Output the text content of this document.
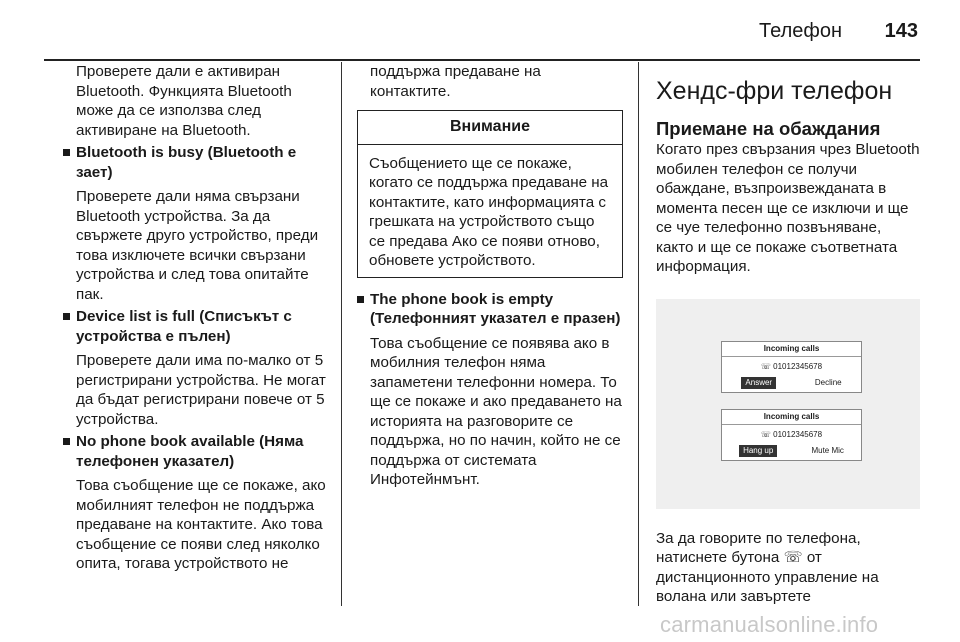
Телефон 143

Проверете дали е активиран Bluetooth. Функцията Bluetooth може да се използва след активиране на Bluetooth.

Bluetooth is busy (Bluetooth е зает)
Проверете дали няма свързани Bluetooth устройства. За да свържете друго устройство, преди това изключете всички свързани устройства и след това опитайте пак.
Device list is full (Списъкът с устройства е пълен)
Проверете дали има по-малко от 5 регистрирани устройства. Не могат да бъдат регистрирани повече от 5 устройства.
No phone book available (Няма телефонен указател)
Това съобщение ще се покаже, ако мобилният телефон не поддържа предаване на контактите. Ако това съобщение се появи след няколко опита, тогава устройството не

поддържа предаване на контактите.

Внимание
Съобщението ще се покаже, когато се поддържа предаване на контактите, като информацията с грешката на устройството също се предава Ако се появи отново, обновете устройството.
The phone book is empty (Телефонният указател е празен)
Това съобщение се появява ако в мобилния телефон няма запаметени телефонни номера. То ще се покаже и ако предаването на историята на разговорите се поддържа, но по начин, който не се поддържа от системата Инфотейнмънт.
Хендс-фри телефон
Приемане на обаждания

Когато през свързания чрез Bluetooth мобилен телефон се получи обаждане, възпроизвежданата в момента песен ще се изключи и ще се чуе телефонно позвъняване, както и ще се покаже съответната информация.

Incoming calls
☏ 01012345678
Answer	Decline
Incoming calls
☏ 01012345678
Hang up	Mute Mic

За да говорите по телефона, натиснете бутона ☏ от дистанционното управление на волана или завъртете

carmanualsonline.info
